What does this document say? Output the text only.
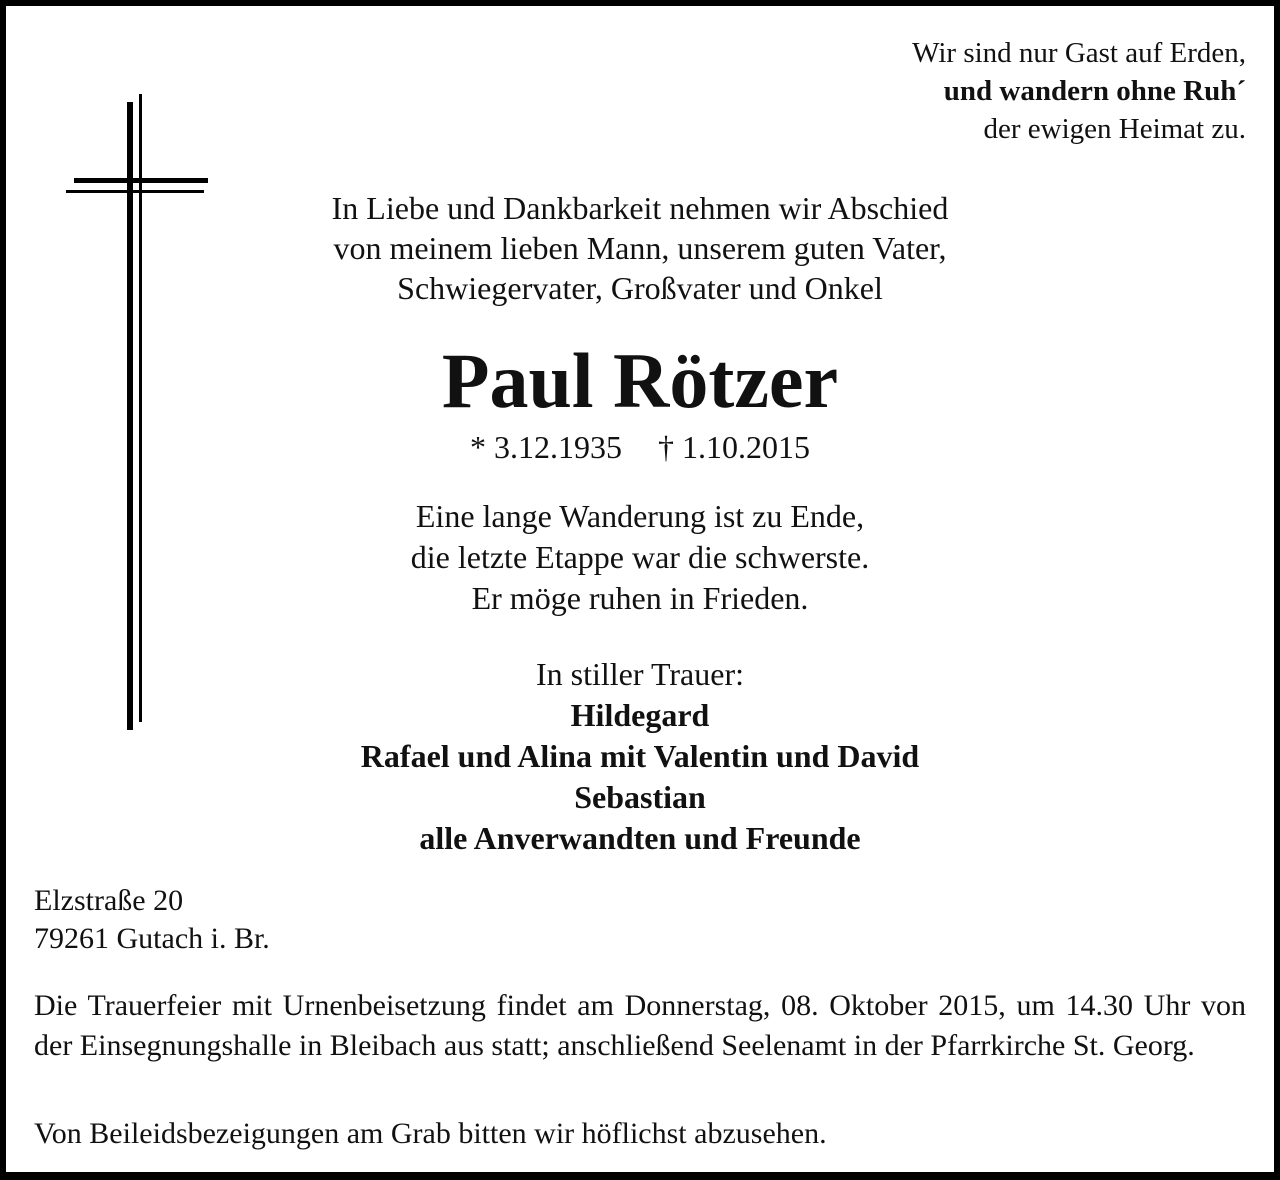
Wir sind nur Gast auf Erden,
und wandern ohne Ruh´
der ewigen Heimat zu.
In Liebe und Dankbarkeit nehmen wir Abschied
von meinem lieben Mann, unserem guten Vater,
Schwiegervater, Großvater und Onkel
Paul Rötzer
* 3.12.1935 † 1.10.2015
Eine lange Wanderung ist zu Ende,
die letzte Etappe war die schwerste.
Er möge ruhen in Frieden.
In stiller Trauer:
Hildegard
Rafael und Alina mit Valentin und David
Sebastian
alle Anverwandten und Freunde
Elzstraße 20
79261 Gutach i. Br.
Die Trauerfeier mit Urnenbeisetzung findet am Donnerstag, 08. Oktober 2015, um 14.30 Uhr von der Einsegnungshalle in Bleibach aus statt; anschließend Seelenamt in der Pfarrkirche St. Georg.
Von Beileidsbezeigungen am Grab bitten wir höflichst abzusehen.
